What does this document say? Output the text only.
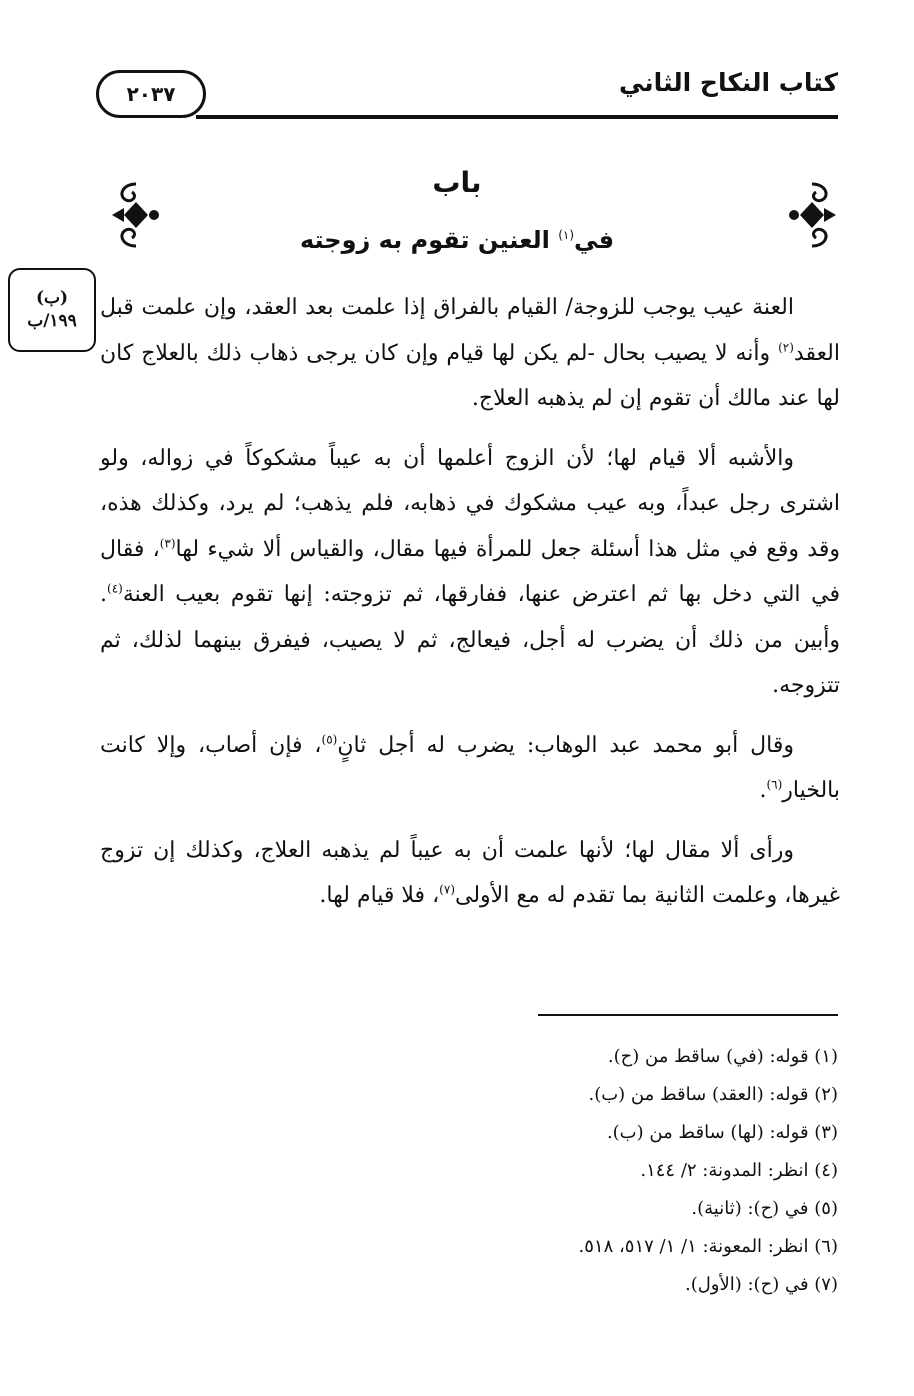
٢٠٣٧	كتاب النكاح الثاني
باب
في$^{(١)}$ العنين تقوم به زوجته
(ب)
١٩٩/ب

العنة عيب يوجب للزوجة/ القيام بالفراق إذا علمت بعد العقد، وإن علمت قبل العقد$^{(٢)}$ وأنه لا يصيب بحال -لم يكن لها قيام وإن كان يرجى ذهاب ذلك بالعلاج كان لها عند مالك أن تقوم إن لم يذهبه العلاج.

والأشبه ألا قيام لها؛ لأن الزوج أعلمها أن به عيباً مشكوكاً في زواله، ولو اشترى رجل عبداً، وبه عيب مشكوك في ذهابه، فلم يذهب؛ لم يرد، وكذلك هذه، وقد وقع في مثل هذا أسئلة جعل للمرأة فيها مقال، والقياس ألا شيء لها$^{(٣)}$، فقال في التي دخل بها ثم اعترض عنها، ففارقها، ثم تزوجته: إنها تقوم بعيب العنة$^{(٤)}$. وأبين من ذلك أن يضرب له أجل، فيعالج، ثم لا يصيب، فيفرق بينهما لذلك، ثم تتزوجه.

وقال أبو محمد عبد الوهاب: يضرب له أجل ثانٍ$^{(٥)}$، فإن أصاب، وإلا كانت بالخيار$^{(٦)}$.

ورأى ألا مقال لها؛ لأنها علمت أن به عيباً لم يذهبه العلاج، وكذلك إن تزوج غيرها، وعلمت الثانية بما تقدم له مع الأولى$^{(٧)}$، فلا قيام لها.

(١) قوله: (في) ساقط من (ح).
(٢) قوله: (العقد) ساقط من (ب).
(٣) قوله: (لها) ساقط من (ب).
(٤) انظر: المدونة: ٢/ ١٤٤.
(٥) في (ح): (ثانية).
(٦) انظر: المعونة: ١/ ١/ ٥١٧، ٥١٨.
(٧) في (ح): (الأول).
